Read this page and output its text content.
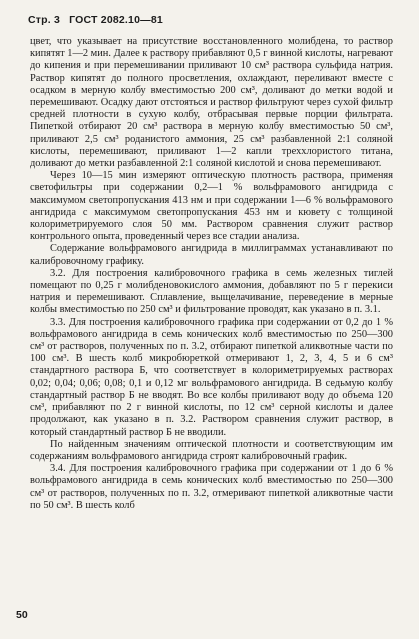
Стр. 3 ГОСТ 2082.10—81

цвет, что указывает на присутствие восстановленного молибдена, то раствор кипятят 1—2 мин. Далее к раствору прибавляют 0,5 г винной кислоты, нагревают до кипения и при перемешивании приливают 10 см³ раствора сульфида натрия. Раствор кипятят до полного просветления, охлаждают, переливают вместе с осадком в мерную колбу вместимостью 200 см³, доливают до метки водой и перемешивают. Осадку дают отстояться и раствор фильтруют через сухой фильтр средней плотности в сухую колбу, отбрасывая первые порции фильтрата. Пипеткой отбирают 20 см³ раствора в мерную колбу вместимостью 50 см³, приливают 2,5 см³ роданистого аммония, 25 см³ разбавленной 2:1 соляной кислоты, перемешивают, приливают 1—2 капли треххлористого титана, доливают до метки разбавленной 2:1 соляной кислотой и снова перемешивают.

Через 10—15 мин измеряют оптическую плотность раствора, применяя светофильтры при содержании 0,2—1 % вольфрамового ангидрида с максимумом светопропускания 413 нм и при содержании 1—6 % вольфрамового ангидрида с максимумом светопропускания 453 нм и кювету с толщиной колориметрируемого слоя 50 мм. Раствором сравнения служит раствор контрольного опыта, проведенный через все стадии анализа.

Содержание вольфрамового ангидрида в миллиграммах устанавливают по калибровочному графику.

3.2. Для построения калибровочного графика в семь железных тиглей помещают по 0,25 г молибденовокислого аммония, добавляют по 5 г перекиси натрия и перемешивают. Сплавление, выщелачивание, переведение в мерные колбы вместимостью по 250 см³ и фильтрование проводят, как указано в п. 3.1.

3.3. Для построения калибровочного графика при содержании от 0,2 до 1 % вольфрамового ангидрида в семь конических колб вместимостью по 250—300 см³ от растворов, полученных по п. 3.2, отбирают пипеткой аликвотные части по 100 см³. В шесть колб микробюреткой отмеривают 1, 2, 3, 4, 5 и 6 см³ стандартного раствора Б, что соответствует в колориметрируемых растворах 0,02; 0,04; 0,06; 0,08; 0,1 и 0,12 мг вольфрамового ангидрида. В седьмую колбу стандартный раствор Б не вводят. Во все колбы приливают воду до объема 120 см³, прибавляют по 2 г винной кислоты, по 12 см³ серной кислоты и далее продолжают, как указано в п. 3.2. Раствором сравнения служит раствор, в который стандартный раствор Б не вводили.

По найденным значениям оптической плотности и соответствующим им содержаниям вольфрамового ангидрида строят калибровочный график.

3.4. Для построения калибровочного графика при содержании от 1 до 6 % вольфрамового ангидрида в семь конических колб вместимостью по 250—300 см³ от растворов, полученных по п. 3.2, отмеривают пипеткой аликвотные части по 50 см³. В шесть колб

50
